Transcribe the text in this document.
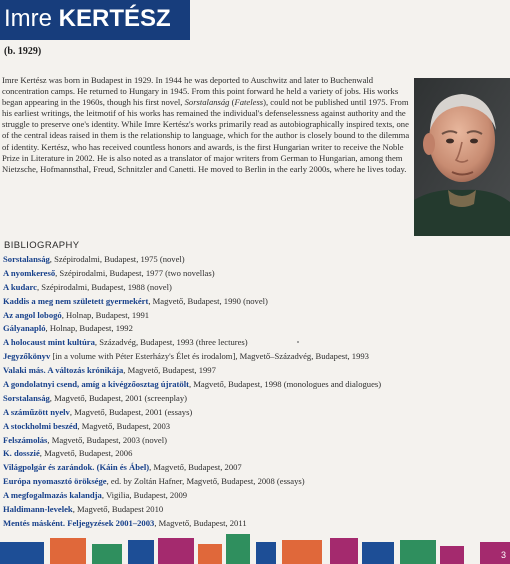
Imre KERTÉSZ
(b. 1929)

Imre Kertész was born in Budapest in 1929. In 1944 he was deported to Auschwitz and later to Buchenwald concentration camps. He returned to Hungary in 1945. From this point forward he held a variety of jobs. His works began appearing in the 1960s, though his first novel, Sorstalanság (Fateless), could not be published until 1975. From his earliest writings, the leitmotif of his works has remained the individual's defenselessness against authority and the struggle to preserve one's identity. While Imre Kertész's works primarily read as autobiographically inspired texts, one of the central ideas raised in them is the relationship to language, which for the author is closely bound to the dilemma of identity. Kertész, who has received countless honors and awards, is the first Hungarian writer to receive the Noble Prize in Literature in 2002. He is also noted as a translator of major writers from German to Hungarian, among them Nietzsche, Hofmannsthal, Freud, Schnitzler and Canetti. He moved to Berlin in the early 2000s, where he lives today.

BIBLIOGRAPHY
Sorstalanság, Szépirodalmi, Budapest, 1975 (novel)
A nyomkereső, Szépirodalmi, Budapest, 1977 (two novellas)
A kudarc, Szépirodalmi, Budapest, 1988 (novel)
Kaddis a meg nem született gyermekért, Magvető, Budapest, 1990 (novel)
Az angol lobogó, Holnap, Budapest, 1991
Gályanapló, Holnap, Budapest, 1992
A holocaust mint kultúra, Századvég, Budapest, 1993 (three lectures)
Jegyzőkönyv [in a volume with Péter Esterházy's Élet és irodalom], Magvető–Századvég, Budapest, 1993
Valaki más. A változás krónikája, Magvető, Budapest, 1997
A gondolatnyi csend, amíg a kivégzőosztag újratölt, Magvető, Budapest, 1998 (monologues and dialogues)
Sorstalanság, Magvető, Budapest, 2001 (screenplay)
A száműzött nyelv, Magvető, Budapest, 2001 (essays)
A stockholmi beszéd, Magvető, Budapest, 2003
Felszámolás, Magvető, Budapest, 2003 (novel)
K. dosszié, Magvető, Budapest, 2006
Világpolgár és zarándok. (Káin és Ábel), Magvető, Budapest, 2007
Európa nyomasztó öröksége, ed. by Zoltán Hafner, Magvető, Budapest, 2008 (essays)
A megfogalmazás kalandja, Vigilia, Budapest, 2009
Haldimann-levelek, Magvető, Budapest 2010
Mentés másként. Feljegyzések 2001–2003, Magvető, Budapest, 2011
3
